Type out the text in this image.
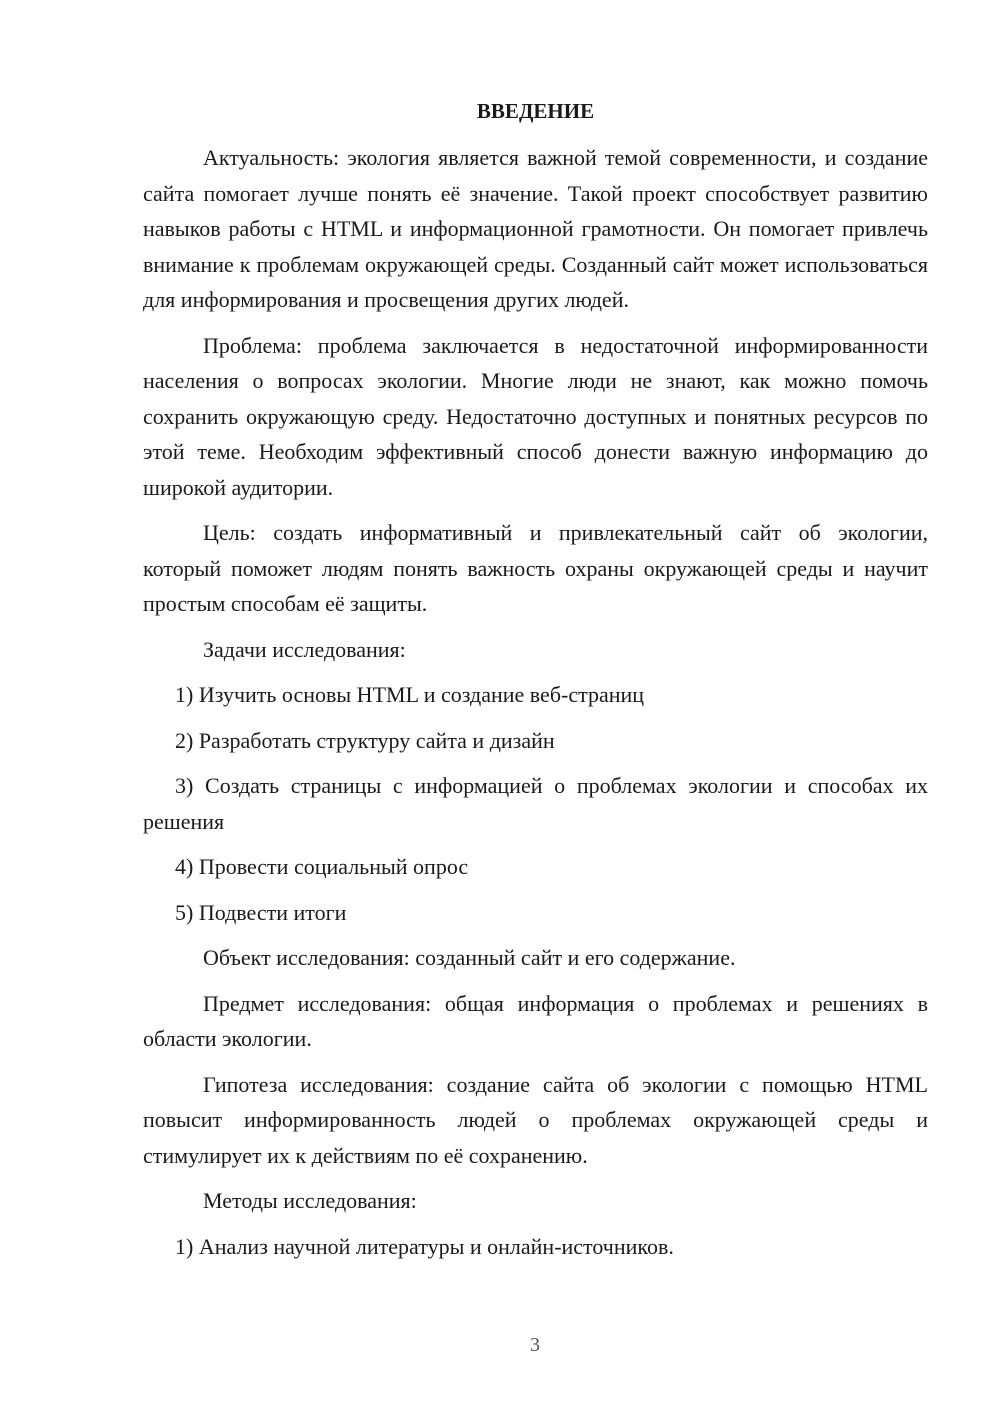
ВВЕДЕНИЕ

Актуальность: экология является важной темой современности, и создание сайта помогает лучше понять её значение. Такой проект способствует развитию навыков работы с HTML и информационной грамотности. Он помогает привлечь внимание к проблемам окружающей среды. Созданный сайт может использоваться для информирования и просвещения других людей.

Проблема: проблема заключается в недостаточной информированности населения о вопросах экологии. Многие люди не знают, как можно помочь сохранить окружающую среду. Недостаточно доступных и понятных ресурсов по этой теме. Необходим эффективный способ донести важную информацию до широкой аудитории.

Цель: создать информативный и привлекательный сайт об экологии, который поможет людям понять важность охраны окружающей среды и научит простым способам её защиты.

Задачи исследования:

1) Изучить основы HTML и создание веб-страниц

2) Разработать структуру сайта и дизайн

3) Создать страницы с информацией о проблемах экологии и способах их решения

4) Провести социальный опрос

5) Подвести итоги

Объект исследования: созданный сайт и его содержание.

Предмет исследования: общая информация о проблемах и решениях в области экологии.

Гипотеза исследования: создание сайта об экологии с помощью HTML повысит информированность людей о проблемах окружающей среды и стимулирует их к действиям по её сохранению.

Методы исследования:

1) Анализ научной литературы и онлайн-источников.

3
